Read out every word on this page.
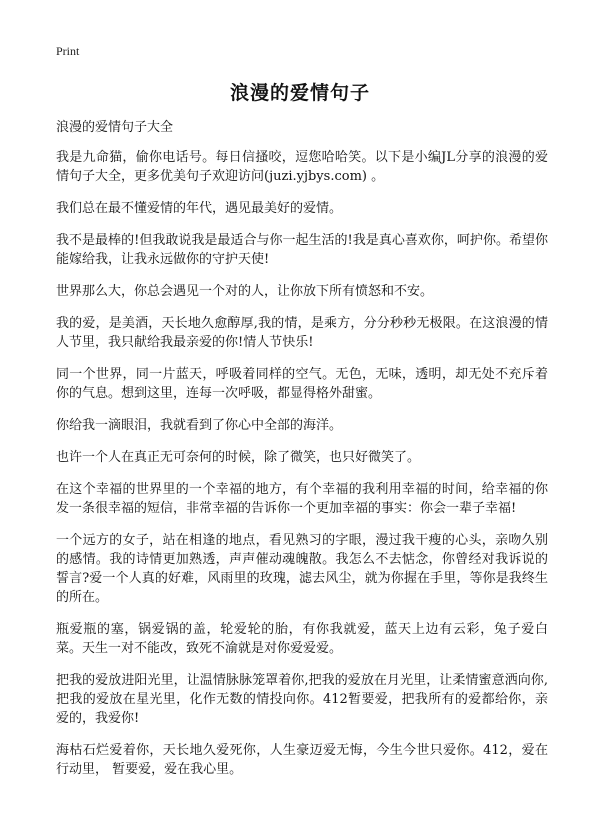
Print
浪漫的爱情句子

浪漫的爱情句子大全

我是九命猫，偷你电话号。每日信搔咬，逗您哈哈笑。以下是小编JL分享的浪漫的爱情句子大全，更多优美句子欢迎访问(juzi.yjbys.com) 。

我们总在最不懂爱情的年代，遇见最美好的爱情。

我不是最棒的!但我敢说我是最适合与你一起生活的!我是真心喜欢你，呵护你。希望你能嫁给我，让我永远做你的守护天使!

世界那么大，你总会遇见一个对的人，让你放下所有愤怒和不安。

我的爱，是美酒，天长地久愈醇厚,我的情，是乘方，分分秒秒无极限。在这浪漫的情人节里，我只献给我最亲爱的你!情人节快乐!

同一个世界，同一片蓝天，呼吸着同样的空气。无色，无味，透明，却无处不充斥着你的气息。想到这里，连每一次呼吸，都显得格外甜蜜。

你给我一滴眼泪，我就看到了你心中全部的海洋。

也许一个人在真正无可奈何的时候，除了微笑，也只好微笑了。

在这个幸福的世界里的一个幸福的地方，有个幸福的我利用幸福的时间，给幸福的你发一条很幸福的短信，非常幸福的告诉你一个更加幸福的事实：你会一辈子幸福!

一个远方的女子，站在相逢的地点，看见熟习的字眼，漫过我干瘦的心头，亲吻久别的感情。我的诗情更加熟透，声声催动魂魄散。我怎么不去惦念，你曾经对我诉说的誓言?爱一个人真的好难，风雨里的玫瑰，滤去风尘，就为你握在手里，等你是我终生的所在。

瓶爱瓶的塞，锅爱锅的盖，轮爱轮的胎，有你我就爱，蓝天上边有云彩，兔子爱白菜。天生一对不能改，致死不渝就是对你爱爱爱。

把我的爱放进阳光里，让温情脉脉笼罩着你,把我的爱放在月光里，让柔情蜜意洒向你,把我的爱放在星光里，化作无数的情投向你。412暂要爱，把我所有的爱都给你，亲爱的，我爱你!

海枯石烂爱着你，天长地久爱死你，人生豪迈爱无悔，今生今世只爱你。412，爱在行动里， 暂要爱，爱在我心里。
